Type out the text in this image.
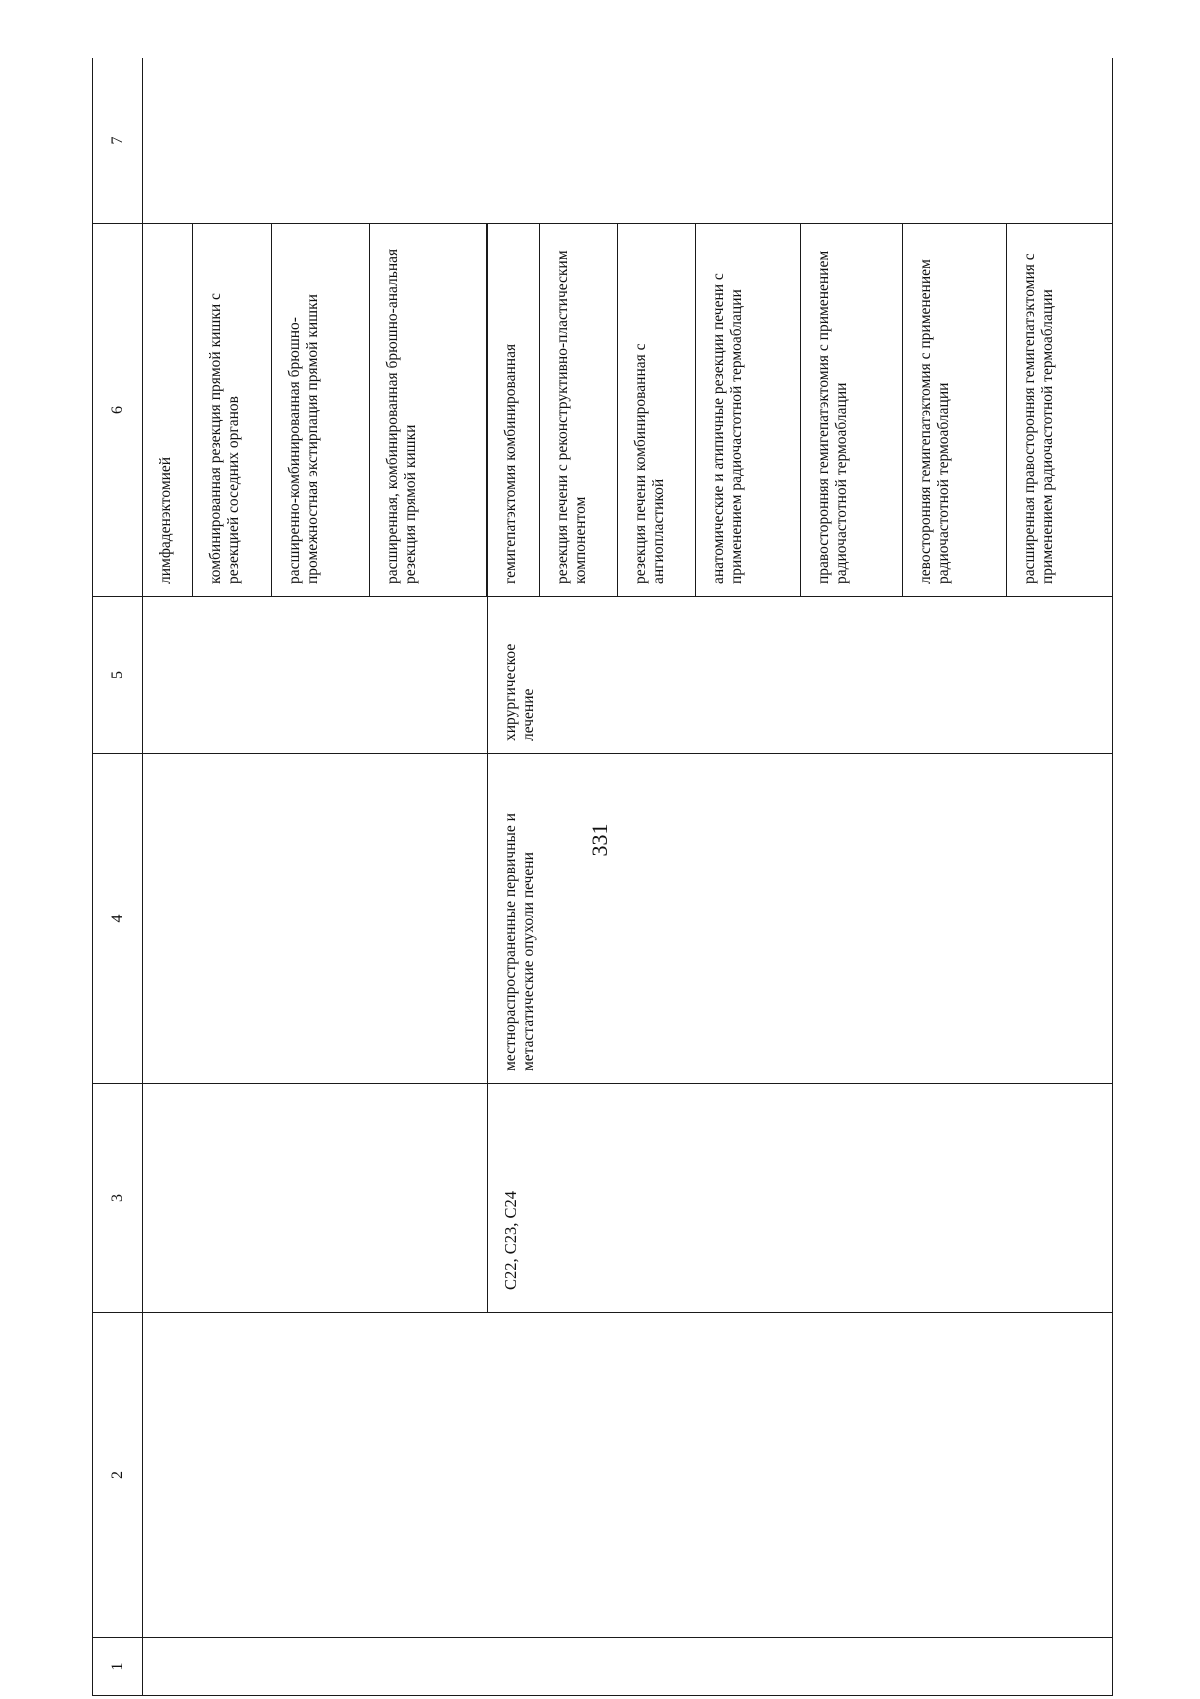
331
1	2	3	4	5	6	7
					лимфаденэктомией	
					комбинированная резекция прямой кишки с резекцией соседних органов	
					расширенно-комбинированная брюшно-промежностная экстирпация прямой кишки	
					расширенная, комбинированная брюшно-анальная резекция прямой кишки	

		С22, С23, С24	местнораспространенные первичные и метастатические опухоли печени	хирургическое лечение	гемигепатэктомия комбинированная	
					резекция печени с реконструктивно-пластическим компонентом	
					резекция печени комбинированная с ангиопластикой	
					анатомические и атипичные резекции печени с применением радиочастотной термоаблации	
					правосторонняя гемигепатэктомия с применением радиочастотной термоаблации	
					левосторонняя гемигепатэктомия с применением радиочастотной термоаблации	
					расширенная правосторонняя гемигепатэктомия с применением радиочастотной термоаблации	
